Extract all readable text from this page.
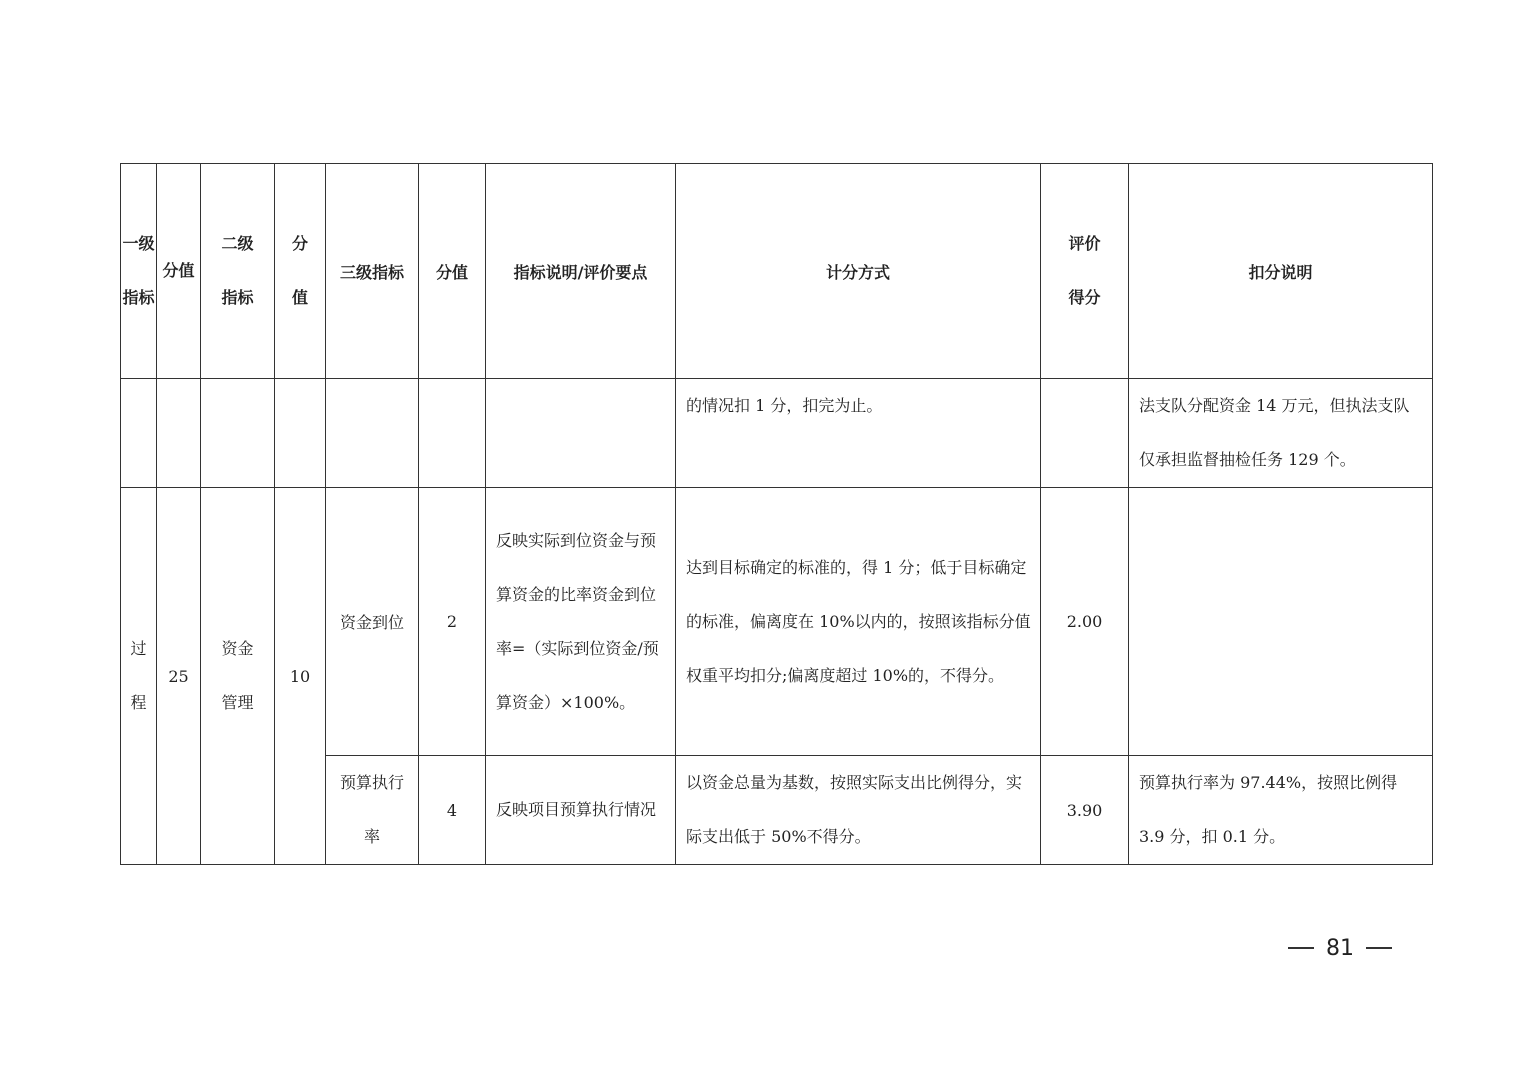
一级指标	分值	二级指标	分值	三级指标	分值	指标说明/评价要点	计分方式	评价得分	扣分说明
							的情况扣 1 分，扣完为止。		法支队分配资金 14 万元，但执法支队仅承担监督抽检任务 129 个。
过程	25	资金管理	10	资金到位	2	反映实际到位资金与预算资金的比率资金到位率=（实际到位资金/预算资金）×100%。	达到目标确定的标准的，得 1 分；低于目标确定的标准，偏离度在 10%以内的，按照该指标分值权重平均扣分;偏离度超过 10%的，不得分。	2.00	
				预算执行率	4	反映项目预算执行情况	以资金总量为基数，按照实际支出比例得分，实际支出低于 50%不得分。	3.90	预算执行率为 97.44%，按照比例得 3.9 分，扣 0.1 分。
81
